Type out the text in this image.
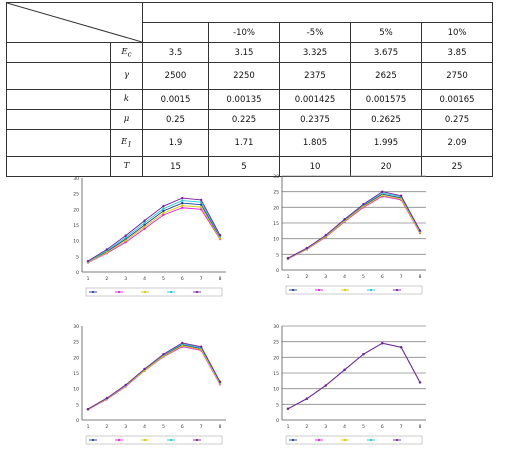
			-10%	-5%	5%	10%
	$E_c$	3.5	3.15	3.325	3.675	3.85
	γ	2500	2250	2375	2625	2750
	k	0.0015	0.00135	0.001425	0.001575	0.00165
	μ	0.25	0.225	0.2375	0.2625	0.275
	$E_1$	1.9	1.71	1.805	1.995	2.09
	T	15	5	10	20	25
0
5
10
15
20
25
30
1	2	3	4	5	6	7	8
0
5
10
15
20
25
30
1	2	3	4	5	6	7	8
0
5
10
15
20
25
30
1	2	3	4	5	6	7	8
0
5
10
15
20
25
30
1	2	3	4	5	6	7	8
